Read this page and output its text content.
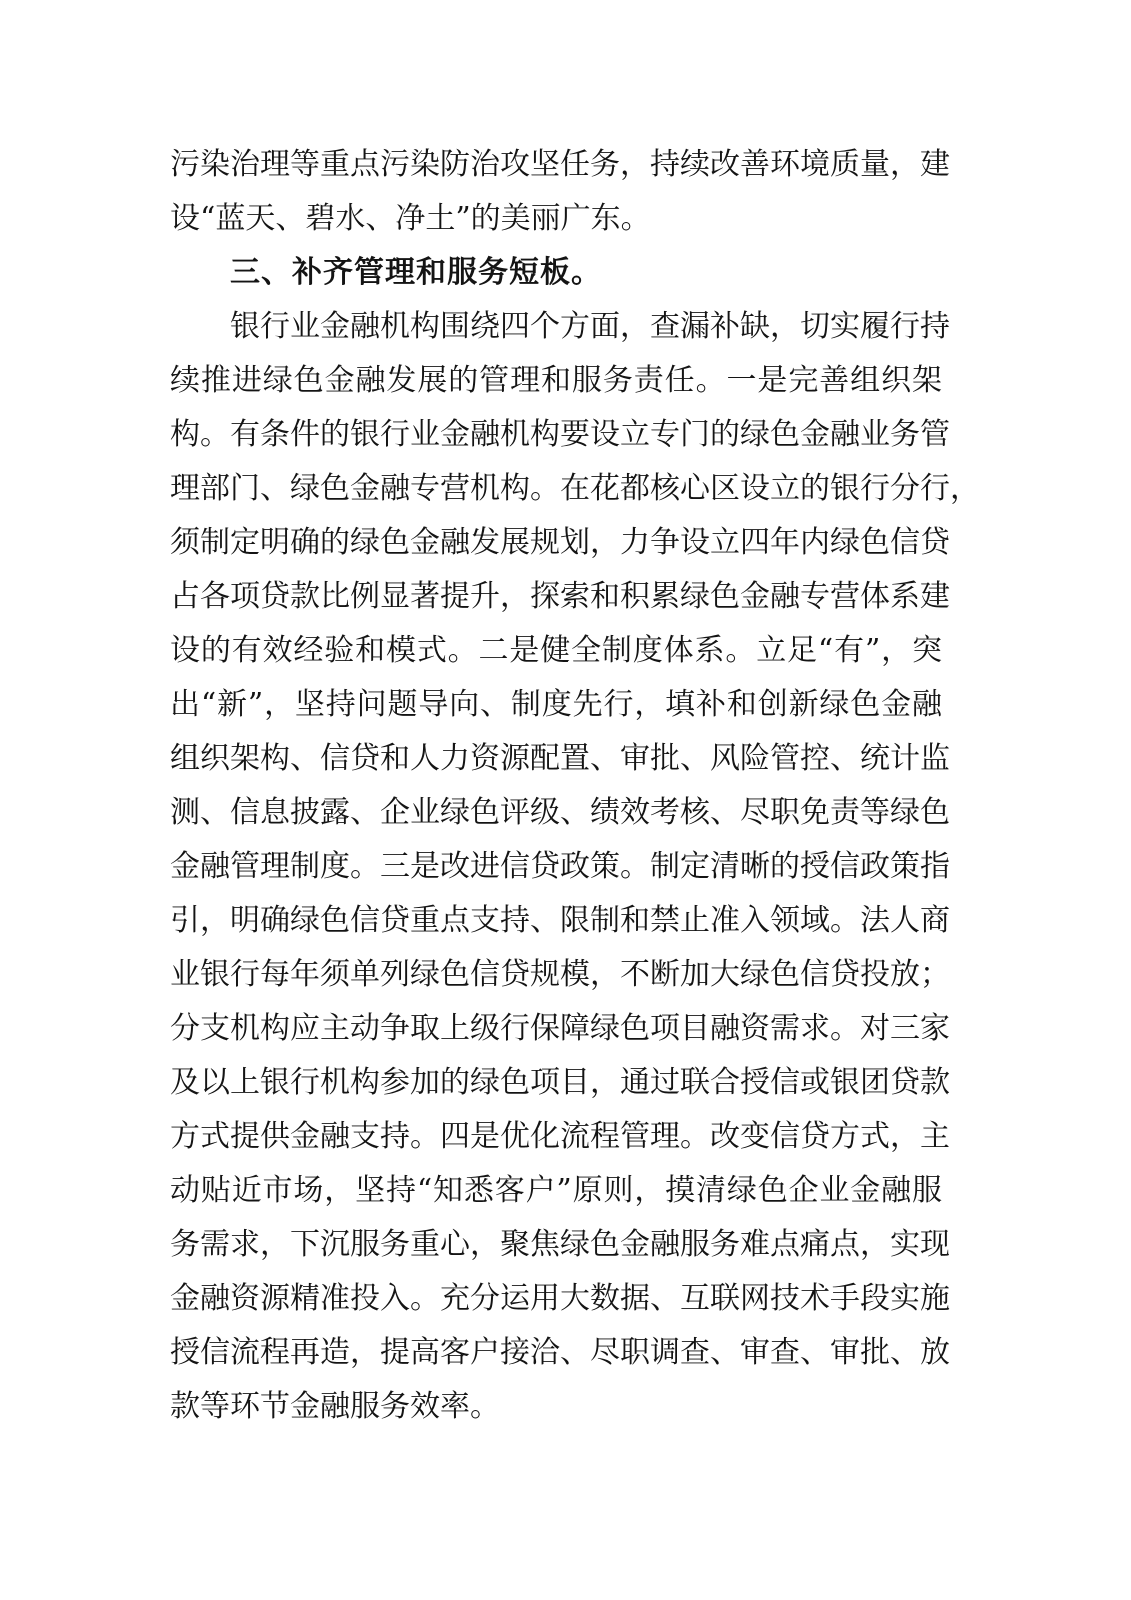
污染治理等重点污染防治攻坚任务，持续改善环境质量，建
设“蓝天、碧水、净土”的美丽广东。
三、补齐管理和服务短板。
银行业金融机构围绕四个方面，查漏补缺，切实履行持
续推进绿色金融发展的管理和服务责任。一是完善组织架
构。有条件的银行业金融机构要设立专门的绿色金融业务管
理部门、绿色金融专营机构。在花都核心区设立的银行分行，
须制定明确的绿色金融发展规划，力争设立四年内绿色信贷
占各项贷款比例显著提升，探索和积累绿色金融专营体系建
设的有效经验和模式。二是健全制度体系。立足“有”，突
出“新”，坚持问题导向、制度先行，填补和创新绿色金融
组织架构、信贷和人力资源配置、审批、风险管控、统计监
测、信息披露、企业绿色评级、绩效考核、尽职免责等绿色
金融管理制度。三是改进信贷政策。制定清晰的授信政策指
引，明确绿色信贷重点支持、限制和禁止准入领域。法人商
业银行每年须单列绿色信贷规模，不断加大绿色信贷投放；
分支机构应主动争取上级行保障绿色项目融资需求。对三家
及以上银行机构参加的绿色项目，通过联合授信或银团贷款
方式提供金融支持。四是优化流程管理。改变信贷方式，主
动贴近市场，坚持“知悉客户”原则，摸清绿色企业金融服
务需求，下沉服务重心，聚焦绿色金融服务难点痛点，实现
金融资源精准投入。充分运用大数据、互联网技术手段实施
授信流程再造，提高客户接洽、尽职调查、审查、审批、放
款等环节金融服务效率。
